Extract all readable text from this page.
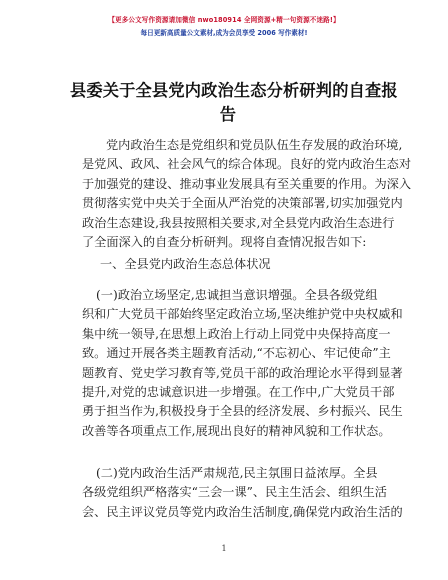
【更多公文写作资源请加微信 nwo180914 全网资源+精一句资源不迷路!】
每日更新高质量公文素材,成为会员享受 2006 写作素材!
县委关于全县党内政治生态分析研判的自查报
告
党内政治生态是党组织和党员队伍生存发展的政治环境,
是党风、政风、社会风气的综合体现。良好的党内政治生态对
于加强党的建设、推动事业发展具有至关重要的作用。为深入
贯彻落实党中央关于全面从严治党的决策部署,切实加强党内
政治生态建设,我县按照相关要求,对全县党内政治生态进行
了全面深入的自查分析研判。现将自查情况报告如下:
一、全县党内政治生态总体状况
(一)政治立场坚定,忠诚担当意识增强。全县各级党组
织和广大党员干部始终坚定政治立场,坚决维护党中央权威和
集中统一领导,在思想上政治上行动上同党中央保持高度一
致。通过开展各类主题教育活动,“不忘初心、牢记使命”主
题教育、党史学习教育等,党员干部的政治理论水平得到显著
提升,对党的忠诚意识进一步增强。在工作中,广大党员干部
勇于担当作为,积极投身于全县的经济发展、乡村振兴、民生
改善等各项重点工作,展现出良好的精神风貌和工作状态。
(二)党内政治生活严肃规范,民主氛围日益浓厚。全县
各级党组织严格落实“三会一课”、民主生活会、组织生活
会、民主评议党员等党内政治生活制度,确保党内政治生活的
1
